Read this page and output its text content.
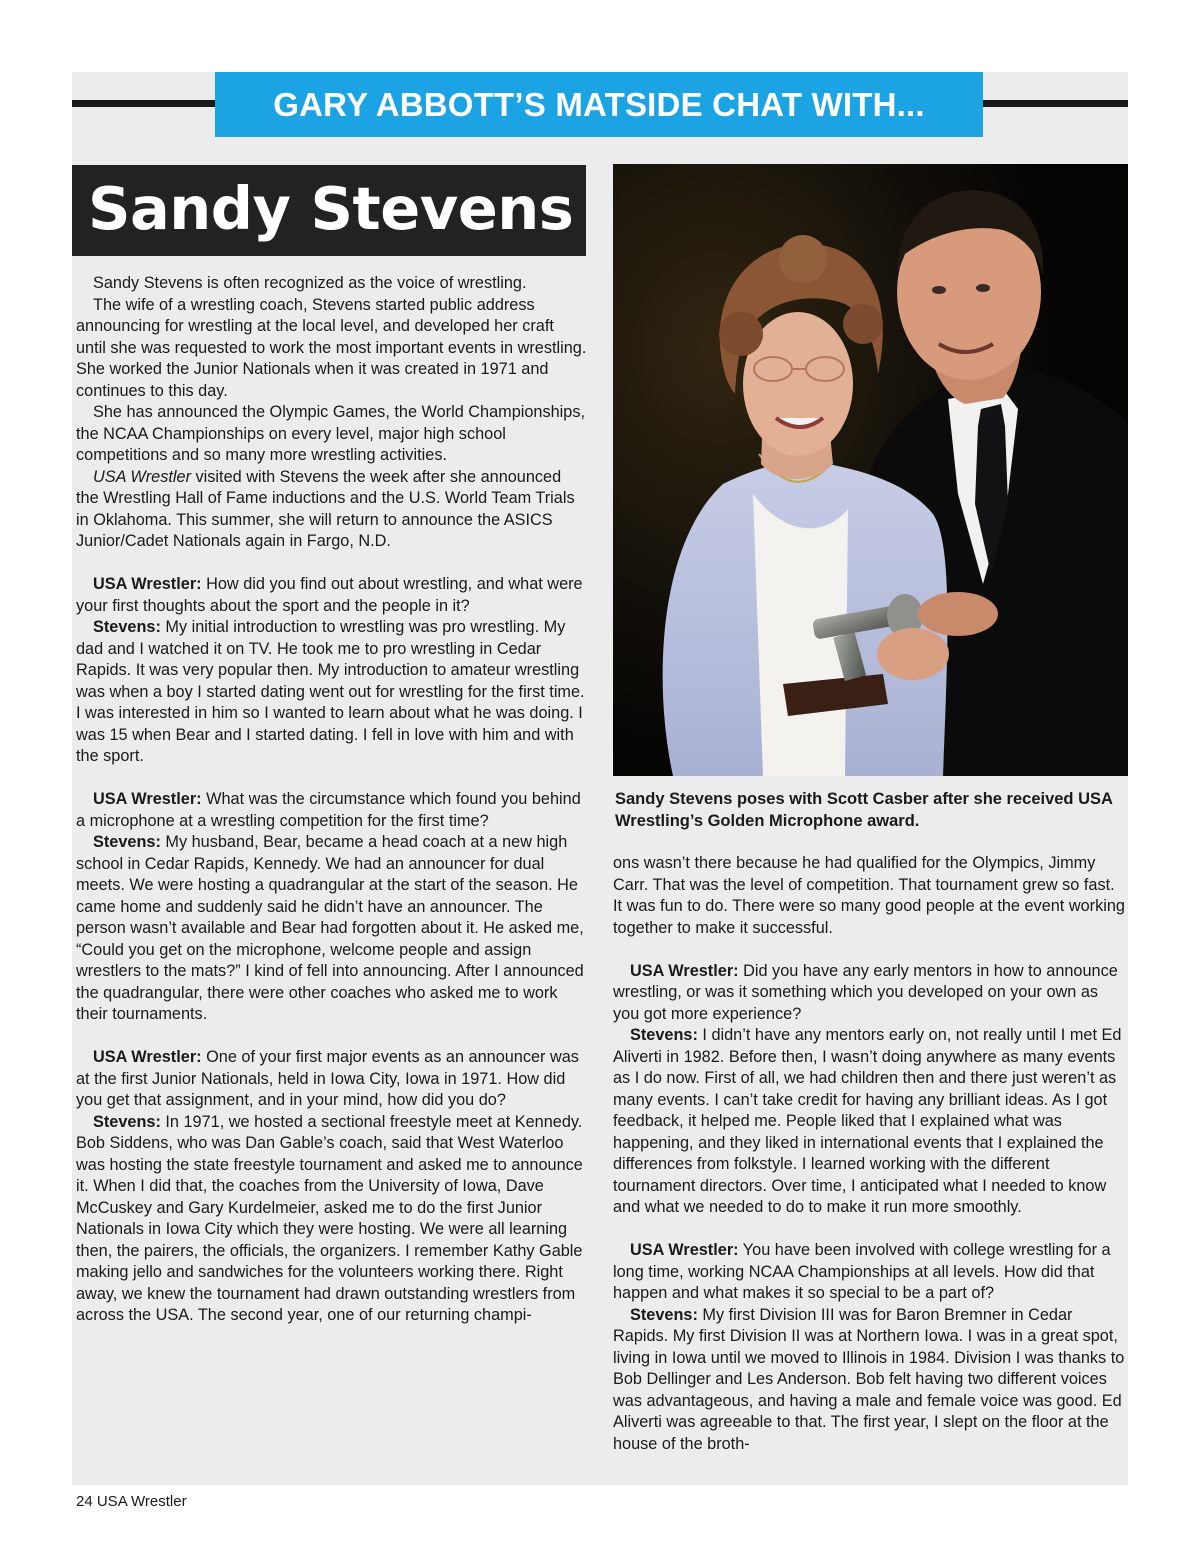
GARY ABBOTT’S MATSIDE CHAT WITH...
Sandy Stevens
Sandy Stevens poses with Scott Casber after she received USA Wrestling’s Golden Microphone award.

Sandy Stevens is often recognized as the voice of wrestling.

The wife of a wrestling coach, Stevens started public address announcing for wrestling at the local level, and developed her craft until she was requested to work the most important events in wrestling. She worked the Junior Nationals when it was created in 1971 and continues to this day.

She has announced the Olympic Games, the World Championships, the NCAA Championships on every level, major high school competitions and so many more wrestling activities.

USA Wrestler visited with Stevens the week after she announced the Wrestling Hall of Fame inductions and the U.S. World Team Trials in Oklahoma. This summer, she will return to announce the ASICS Junior/Cadet Nationals again in Fargo, N.D.

USA Wrestler: How did you find out about wrestling, and what were your first thoughts about the sport and the people in it?

Stevens: My initial introduction to wrestling was pro wrestling. My dad and I watched it on TV. He took me to pro wrestling in Cedar Rapids. It was very popular then. My introduction to amateur wrestling was when a boy I started dating went out for wrestling for the first time. I was interested in him so I wanted to learn about what he was doing. I was 15 when Bear and I started dating. I fell in love with him and with the sport.

USA Wrestler: What was the circumstance which found you behind a microphone at a wrestling competition for the first time?

Stevens: My husband, Bear, became a head coach at a new high school in Cedar Rapids, Kennedy. We had an announcer for dual meets. We were hosting a quadrangular at the start of the season. He came home and suddenly said he didn’t have an announcer. The person wasn’t available and Bear had forgotten about it. He asked me, “Could you get on the microphone, welcome people and assign wrestlers to the mats?” I kind of fell into announcing. After I announced the quadrangular, there were other coaches who asked me to work their tournaments.

USA Wrestler: One of your first major events as an announcer was at the first Junior Nationals, held in Iowa City, Iowa in 1971. How did you get that assignment, and in your mind, how did you do?

Stevens: In 1971, we hosted a sectional freestyle meet at Kennedy. Bob Siddens, who was Dan Gable’s coach, said that West Waterloo was hosting the state freestyle tournament and asked me to announce it. When I did that, the coaches from the University of Iowa, Dave McCuskey and Gary Kurdelmeier, asked me to do the first Junior Nationals in Iowa City which they were hosting. We were all learning then, the pairers, the officials, the organizers. I remember Kathy Gable making jello and sandwiches for the volunteers working there. Right away, we knew the tournament had drawn outstanding wrestlers from across the USA. The second year, one of our returning champi-

ons wasn’t there because he had qualified for the Olympics, Jimmy Carr. That was the level of competition. That tournament grew so fast. It was fun to do. There were so many good people at the event working together to make it successful.

USA Wrestler: Did you have any early mentors in how to announce wrestling, or was it something which you developed on your own as you got more experience?

Stevens: I didn’t have any mentors early on, not really until I met Ed Aliverti in 1982. Before then, I wasn’t doing anywhere as many events as I do now. First of all, we had children then and there just weren’t as many events. I can’t take credit for having any brilliant ideas. As I got feedback, it helped me. People liked that I explained what was happening, and they liked in international events that I explained the differences from folkstyle. I learned working with the different tournament directors. Over time, I anticipated what I needed to know and what we needed to do to make it run more smoothly.

USA Wrestler: You have been involved with college wrestling for a long time, working NCAA Championships at all levels. How did that happen and what makes it so special to be a part of?

Stevens: My first Division III was for Baron Bremner in Cedar Rapids. My first Division II was at Northern Iowa. I was in a great spot, living in Iowa until we moved to Illinois in 1984. Division I was thanks to Bob Dellinger and Les Anderson. Bob felt having two different voices was advantageous, and having a male and female voice was good. Ed Aliverti was agreeable to that. The first year, I slept on the floor at the house of the broth-

24 USA Wrestler
